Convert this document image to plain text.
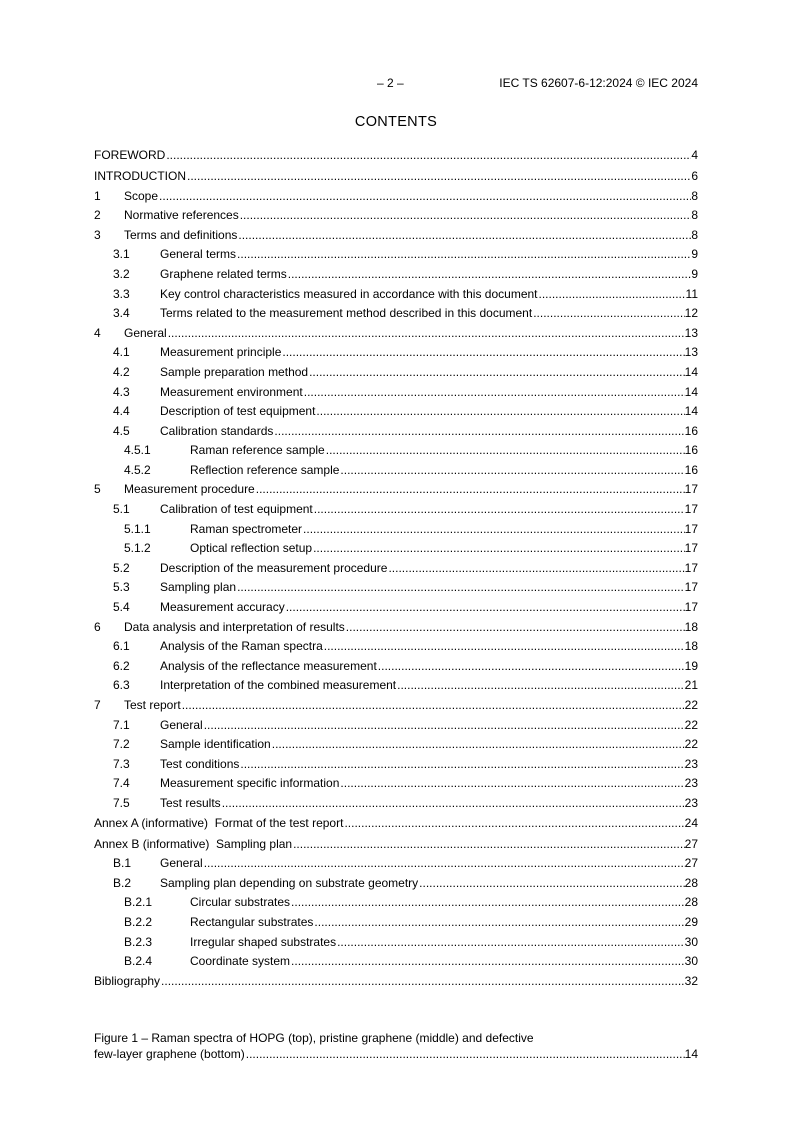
– 2 –	IEC TS 62607-6-12:2024 © IEC 2024
CONTENTS
FOREWORD .....	4
INTRODUCTION .....	6
1	Scope .....	8
2	Normative references .....	8
3	Terms and definitions .....	8
3.1	General terms .....	9
3.2	Graphene related terms .....	9
3.3	Key control characteristics measured in accordance with this document .....	11
3.4	Terms related to the measurement method described in this document .....	12
4	General .....	13
4.1	Measurement principle .....	13
4.2	Sample preparation method .....	14
4.3	Measurement environment .....	14
4.4	Description of test equipment .....	14
4.5	Calibration standards .....	16
4.5.1	Raman reference sample .....	16
4.5.2	Reflection reference sample .....	16
5	Measurement procedure .....	17
5.1	Calibration of test equipment .....	17
5.1.1	Raman spectrometer .....	17
5.1.2	Optical reflection setup .....	17
5.2	Description of the measurement procedure .....	17
5.3	Sampling plan .....	17
5.4	Measurement accuracy .....	17
6	Data analysis and interpretation of results .....	18
6.1	Analysis of the Raman spectra .....	18
6.2	Analysis of the reflectance measurement .....	19
6.3	Interpretation of the combined measurement .....	21
7	Test report .....	22
7.1	General .....	22
7.2	Sample identification .....	22
7.3	Test conditions .....	23
7.4	Measurement specific information .....	23
7.5	Test results .....	23
Annex A (informative)  Format of the test report .....	24
Annex B (informative)  Sampling plan .....	27
B.1	General .....	27
B.2	Sampling plan depending on substrate geometry .....	28
B.2.1	Circular substrates .....	28
B.2.2	Rectangular substrates .....	29
B.2.3	Irregular shaped substrates .....	30
B.2.4	Coordinate system .....	30
Bibliography .....	32
Figure 1 – Raman spectra of HOPG (top), pristine graphene (middle) and defective
few-layer graphene (bottom) .....	14
